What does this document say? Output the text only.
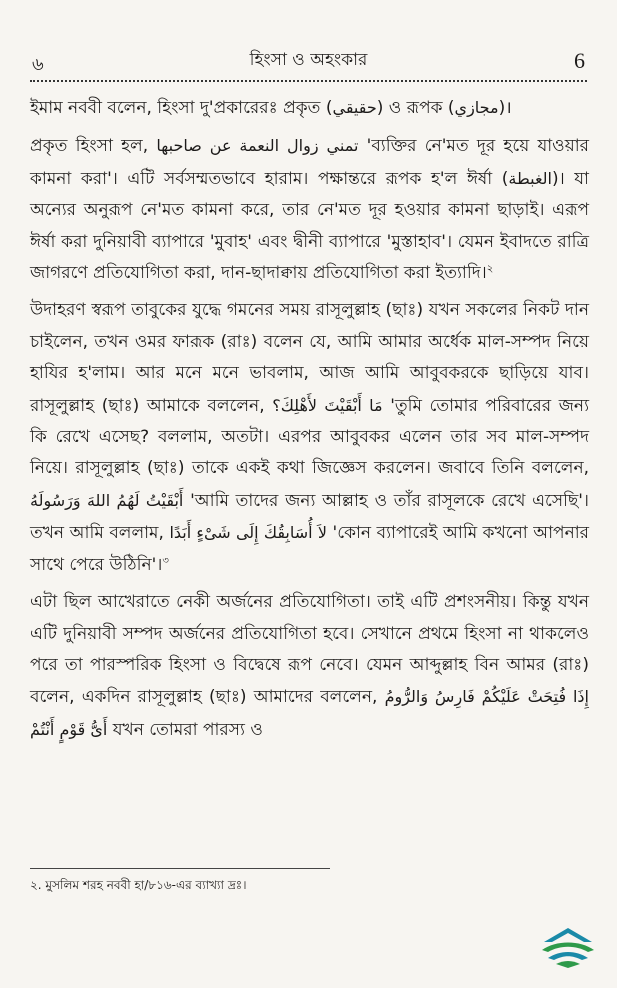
৬	হিংসা ও অহংকার	6

ইমাম নববী বলেন, হিংসা দু'প্রকারেরঃ প্রকৃত (حقيقي) ও রূপক (مجازي)।

প্রকৃত হিংসা হল, تمني زوال النعمة عن صاحبها 'ব্যক্তির নে'মত দূর হয়ে যাওয়ার কামনা করা'। এটি সর্বসম্মতভাবে হারাম। পক্ষান্তরে রূপক হ'ল ঈর্ষা (الغبطة)। যা অন্যের অনুরূপ নে'মত কামনা করে, তার নে'মত দূর হওয়ার কামনা ছাড়াই। এরূপ ঈর্ষা করা দুনিয়াবী ব্যাপারে 'মুবাহ' এবং দ্বীনী ব্যাপারে 'মুস্তাহাব'। যেমন ইবাদতে রাত্রি জাগরণে প্রতিযোগিতা করা, দান-ছাদাক্বায় প্রতিযোগিতা করা ইত্যাদি।$^২$

উদাহরণ স্বরূপ তাবুকের যুদ্ধে গমনের সময় রাসূলুল্লাহ (ছাঃ) যখন সকলের নিকট দান চাইলেন, তখন ওমর ফারূক (রাঃ) বলেন যে, আমি আমার অর্ধেক মাল-সম্পদ নিয়ে হাযির হ'লাম। আর মনে মনে ভাবলাম, আজ আমি আবুবকরকে ছাড়িয়ে যাব। রাসূলুল্লাহ (ছাঃ) আমাকে বললেন, مَا أَبْقَيْتَ لأَهْلِكَ؟ 'তুমি তোমার পরিবারের জন্য কি রেখে এসেছ? বললাম, অতটা। এরপর আবুবকর এলেন তার সব মাল-সম্পদ নিয়ে। রাসূলুল্লাহ (ছাঃ) তাকে একই কথা জিজ্ঞেস করলেন। জবাবে তিনি বললেন, أَبْقَيْتُ لَهُمُ اللهَ وَرَسُولَهُ 'আমি তাদের জন্য আল্লাহ ও তাঁর রাসূলকে রেখে এসেছি'। তখন আমি বললাম, لاَ أُسَابِقُكَ إِلَى شَىْءٍ أَبَدًا 'কোন ব্যাপারেই আমি কখনো আপনার সাথে পেরে উঠিনি'।$^৩$

এটা ছিল আখেরাতে নেকী অর্জনের প্রতিযোগিতা। তাই এটি প্রশংসনীয়। কিন্তু যখন এটি দুনিয়াবী সম্পদ অর্জনের প্রতিযোগিতা হবে। সেখানে প্রথমে হিংসা না থাকলেও পরে তা পারস্পরিক হিংসা ও বিদ্বেষে রূপ নেবে। যেমন আব্দুল্লাহ বিন আমর (রাঃ) বলেন, একদিন রাসূলুল্লাহ (ছাঃ) আমাদের বললেন, إِذَا فُتِحَتْ عَلَيْكُمْ فَارِسُ وَالرُّومُ أَىُّ قَوْمٍ أَنْتُمْ যখন তোমরা পারস্য ও

২. মুসলিম শরহ নববী হা/৮১৬-এর ব্যাখ্যা দ্রঃ।
